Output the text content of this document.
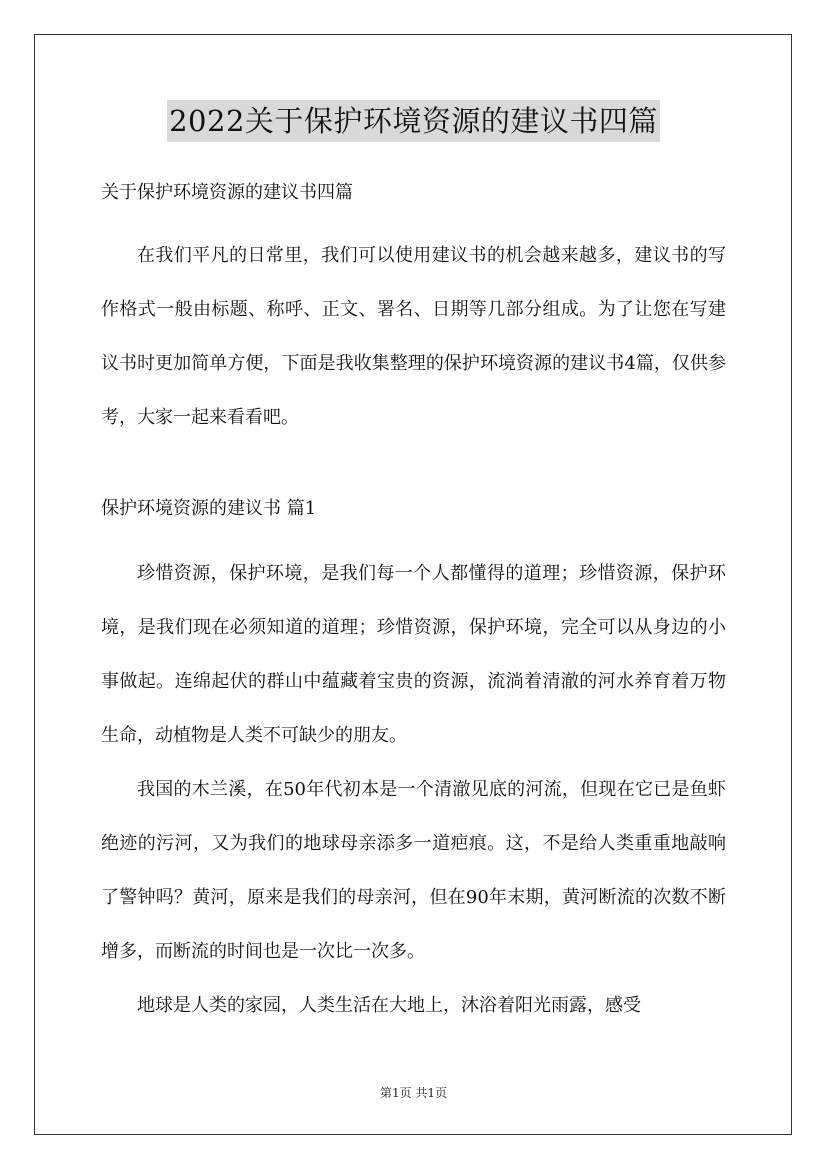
2022关于保护环境资源的建议书四篇

关于保护环境资源的建议书四篇

在我们平凡的日常里，我们可以使用建议书的机会越来越多，建议书的写作格式一般由标题、称呼、正文、署名、日期等几部分组成。为了让您在写建议书时更加简单方便，下面是我收集整理的保护环境资源的建议书4篇，仅供参考，大家一起来看看吧。

保护环境资源的建议书 篇1

珍惜资源，保护环境，是我们每一个人都懂得的道理；珍惜资源，保护环境，是我们现在必须知道的道理；珍惜资源，保护环境，完全可以从身边的小事做起。连绵起伏的群山中蕴藏着宝贵的资源，流淌着清澈的河水养育着万物生命，动植物是人类不可缺少的朋友。

我国的木兰溪，在50年代初本是一个清澈见底的河流，但现在它已是鱼虾绝迹的污河，又为我们的地球母亲添多一道疤痕。这，不是给人类重重地敲响了警钟吗？黄河，原来是我们的母亲河，但在90年末期，黄河断流的次数不断增多，而断流的时间也是一次比一次多。

地球是人类的家园，人类生活在大地上，沐浴着阳光雨露，感受

第1页 共1页
